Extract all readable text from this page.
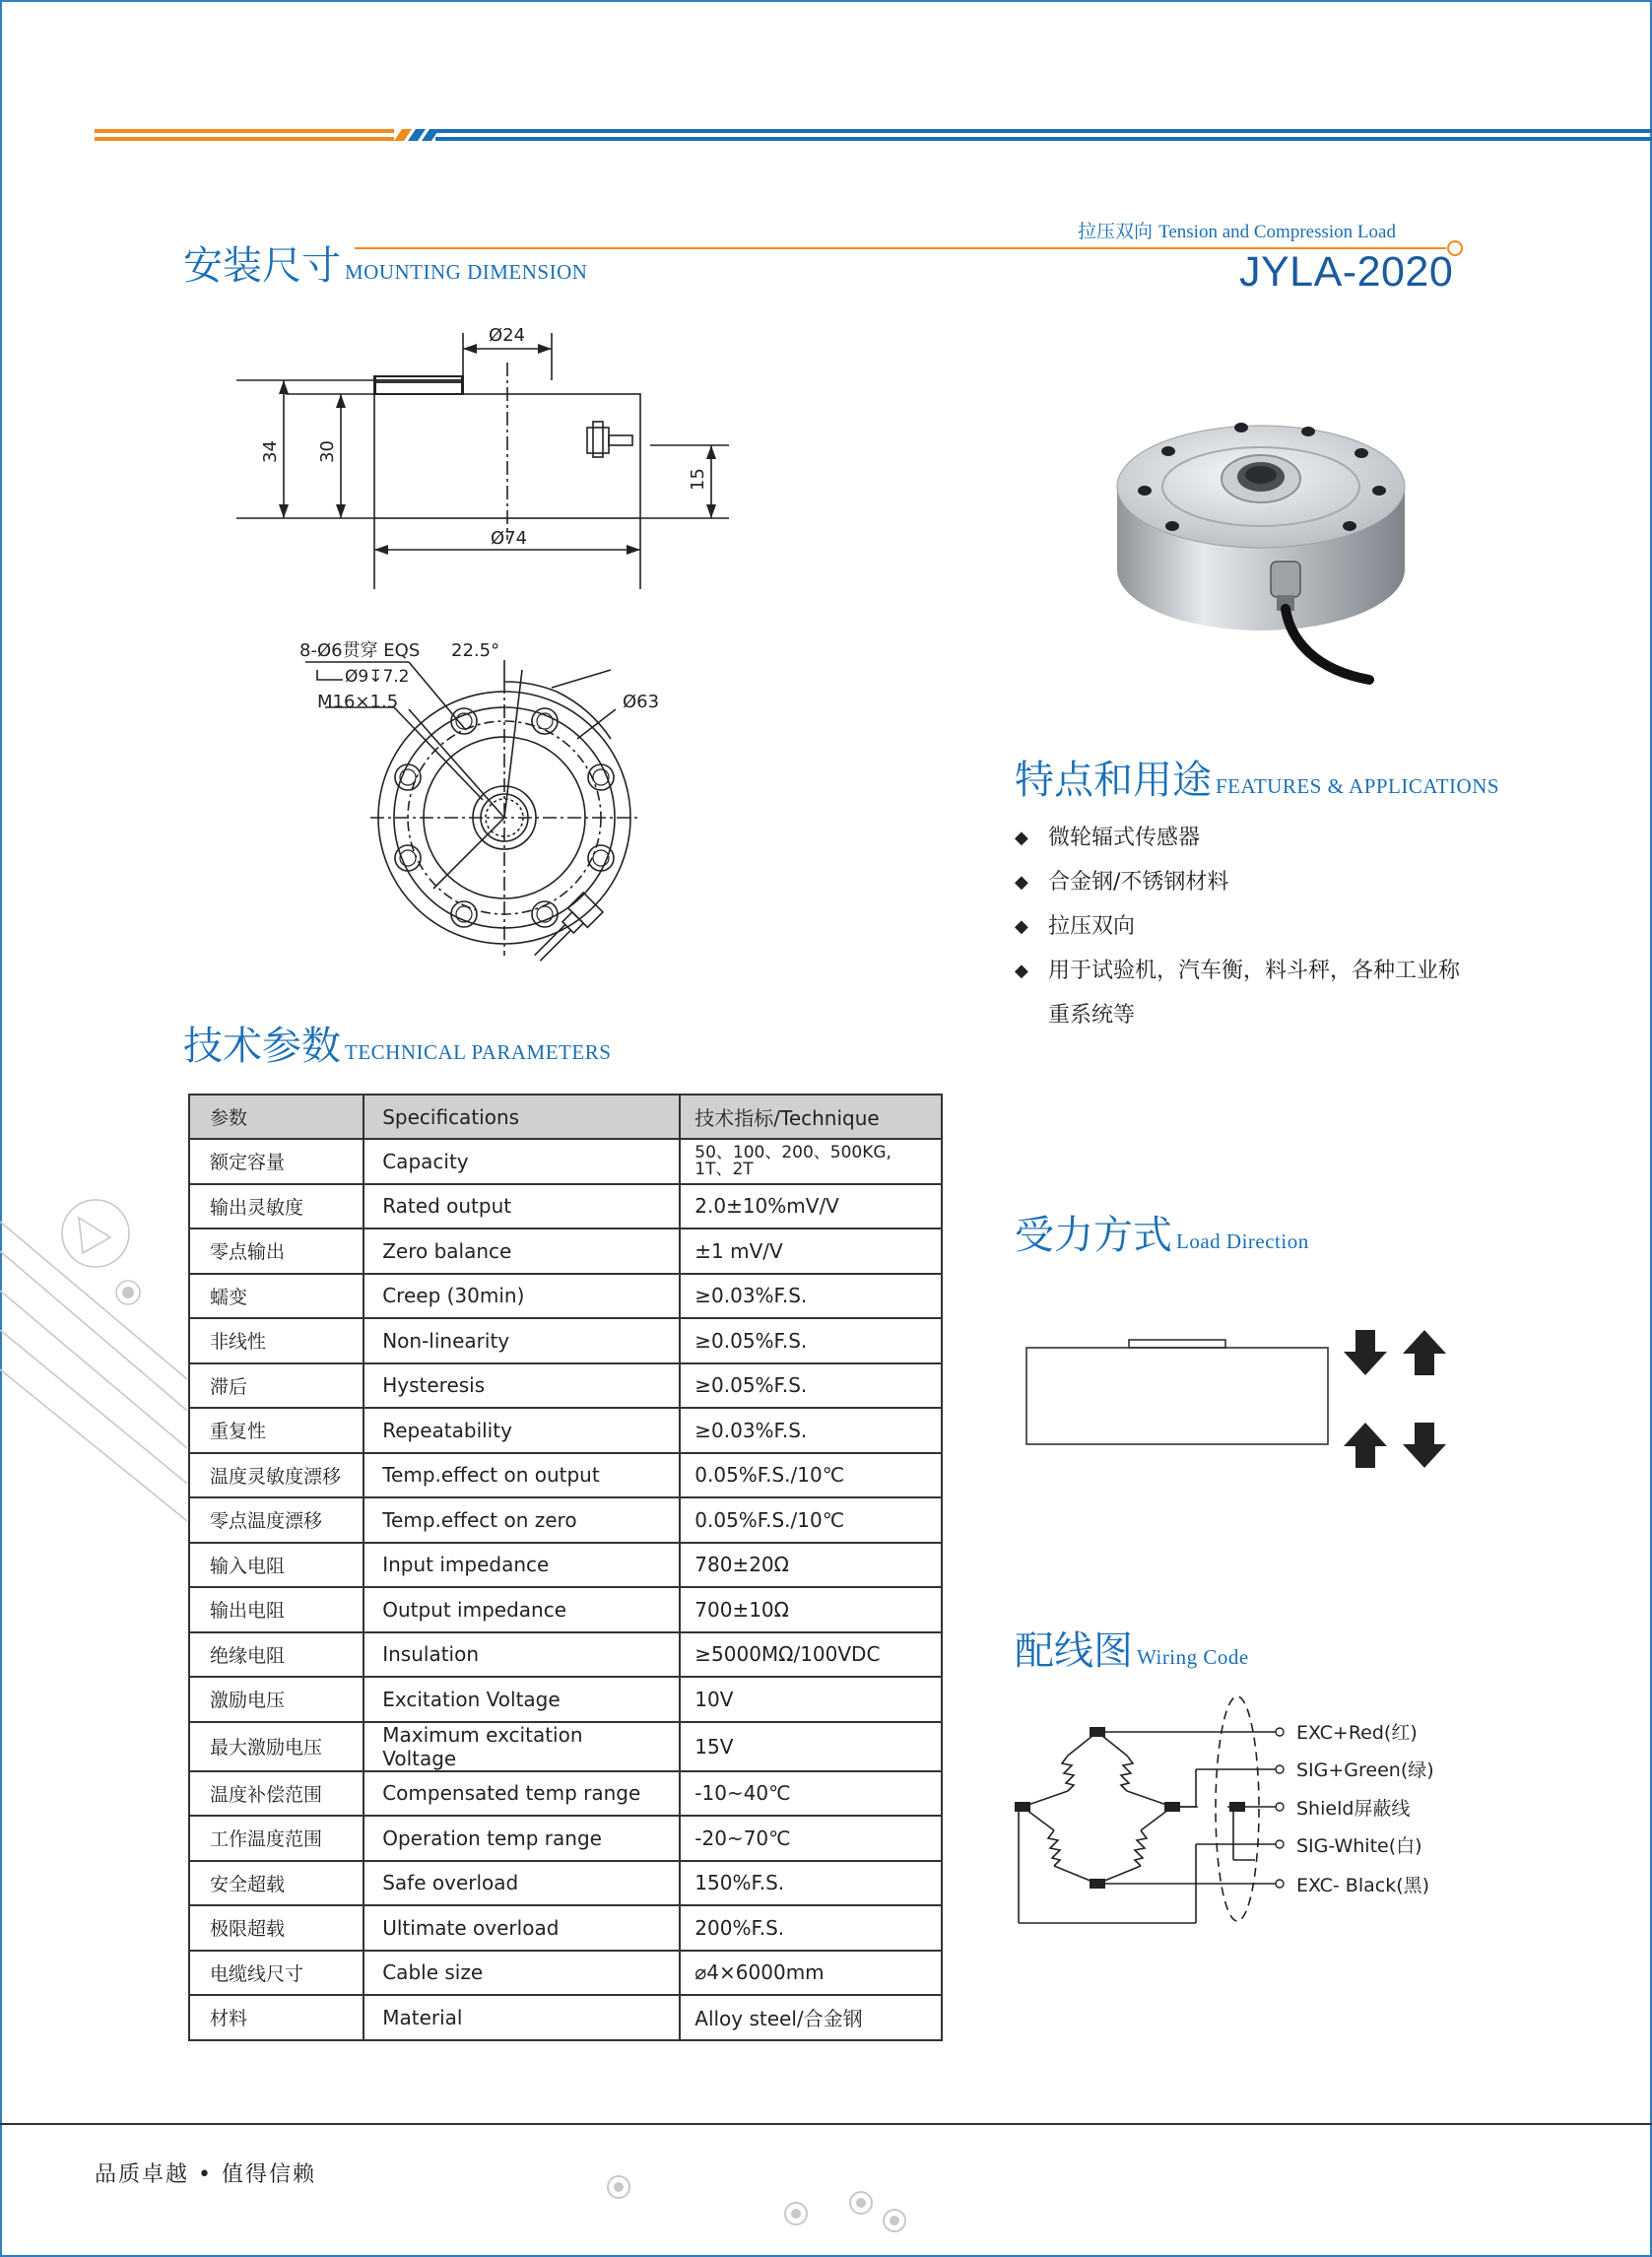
拉压双向 Tension and Compression Load
JYLA-2020
安装尺寸 MOUNTING DIMENSION
Ø24
34 30
Ø74
15
8-Ø6贯穿 EQS
Ø9↧7.2
M16×1.5
22.5°
Ø63
特点和用途 FEATURES & APPLICATIONS
◆ 微轮辐式传感器
◆ 合金钢/不锈钢材料
◆ 拉压双向
◆ 用于试验机，汽车衡，料斗秤，各种工业称重系统等
技术参数 TECHNICAL PARAMETERS
参数	Specifications	技术指标/Technique
额定容量	Capacity	50、100、200、500KG, 1T、2T
输出灵敏度	Rated output	2.0±10%mV/V
零点输出	Zero balance	±1 mV/V
蠕变	Creep (30min)	≥0.03%F.S.
非线性	Non-linearity	≥0.05%F.S.
滞后	Hysteresis	≥0.05%F.S.
重复性	Repeatability	≥0.03%F.S.
温度灵敏度漂移	Temp.effect on output	0.05%F.S./10℃
零点温度漂移	Temp.effect on zero	0.05%F.S./10℃
输入电阻	Input impedance	780±20Ω
输出电阻	Output impedance	700±10Ω
绝缘电阻	Insulation	≥5000MΩ/100VDC
激励电压	Excitation Voltage	10V
最大激励电压	Maximum excitation Voltage	15V
温度补偿范围	Compensated temp range	-10~40℃
工作温度范围	Operation temp range	-20~70℃
安全超载	Safe overload	150%F.S.
极限超载	Ultimate overload	200%F.S.
电缆线尺寸	Cable size	⌀4×6000mm
材料	Material	Alloy steel/合金钢
受力方式 Load Direction
配线图 Wiring Code
EXC+Red(红)
SIG+Green(绿)
Shield屏蔽线
SIG-White(白)
EXC- Black(黑)
品质卓越 • 值得信赖
